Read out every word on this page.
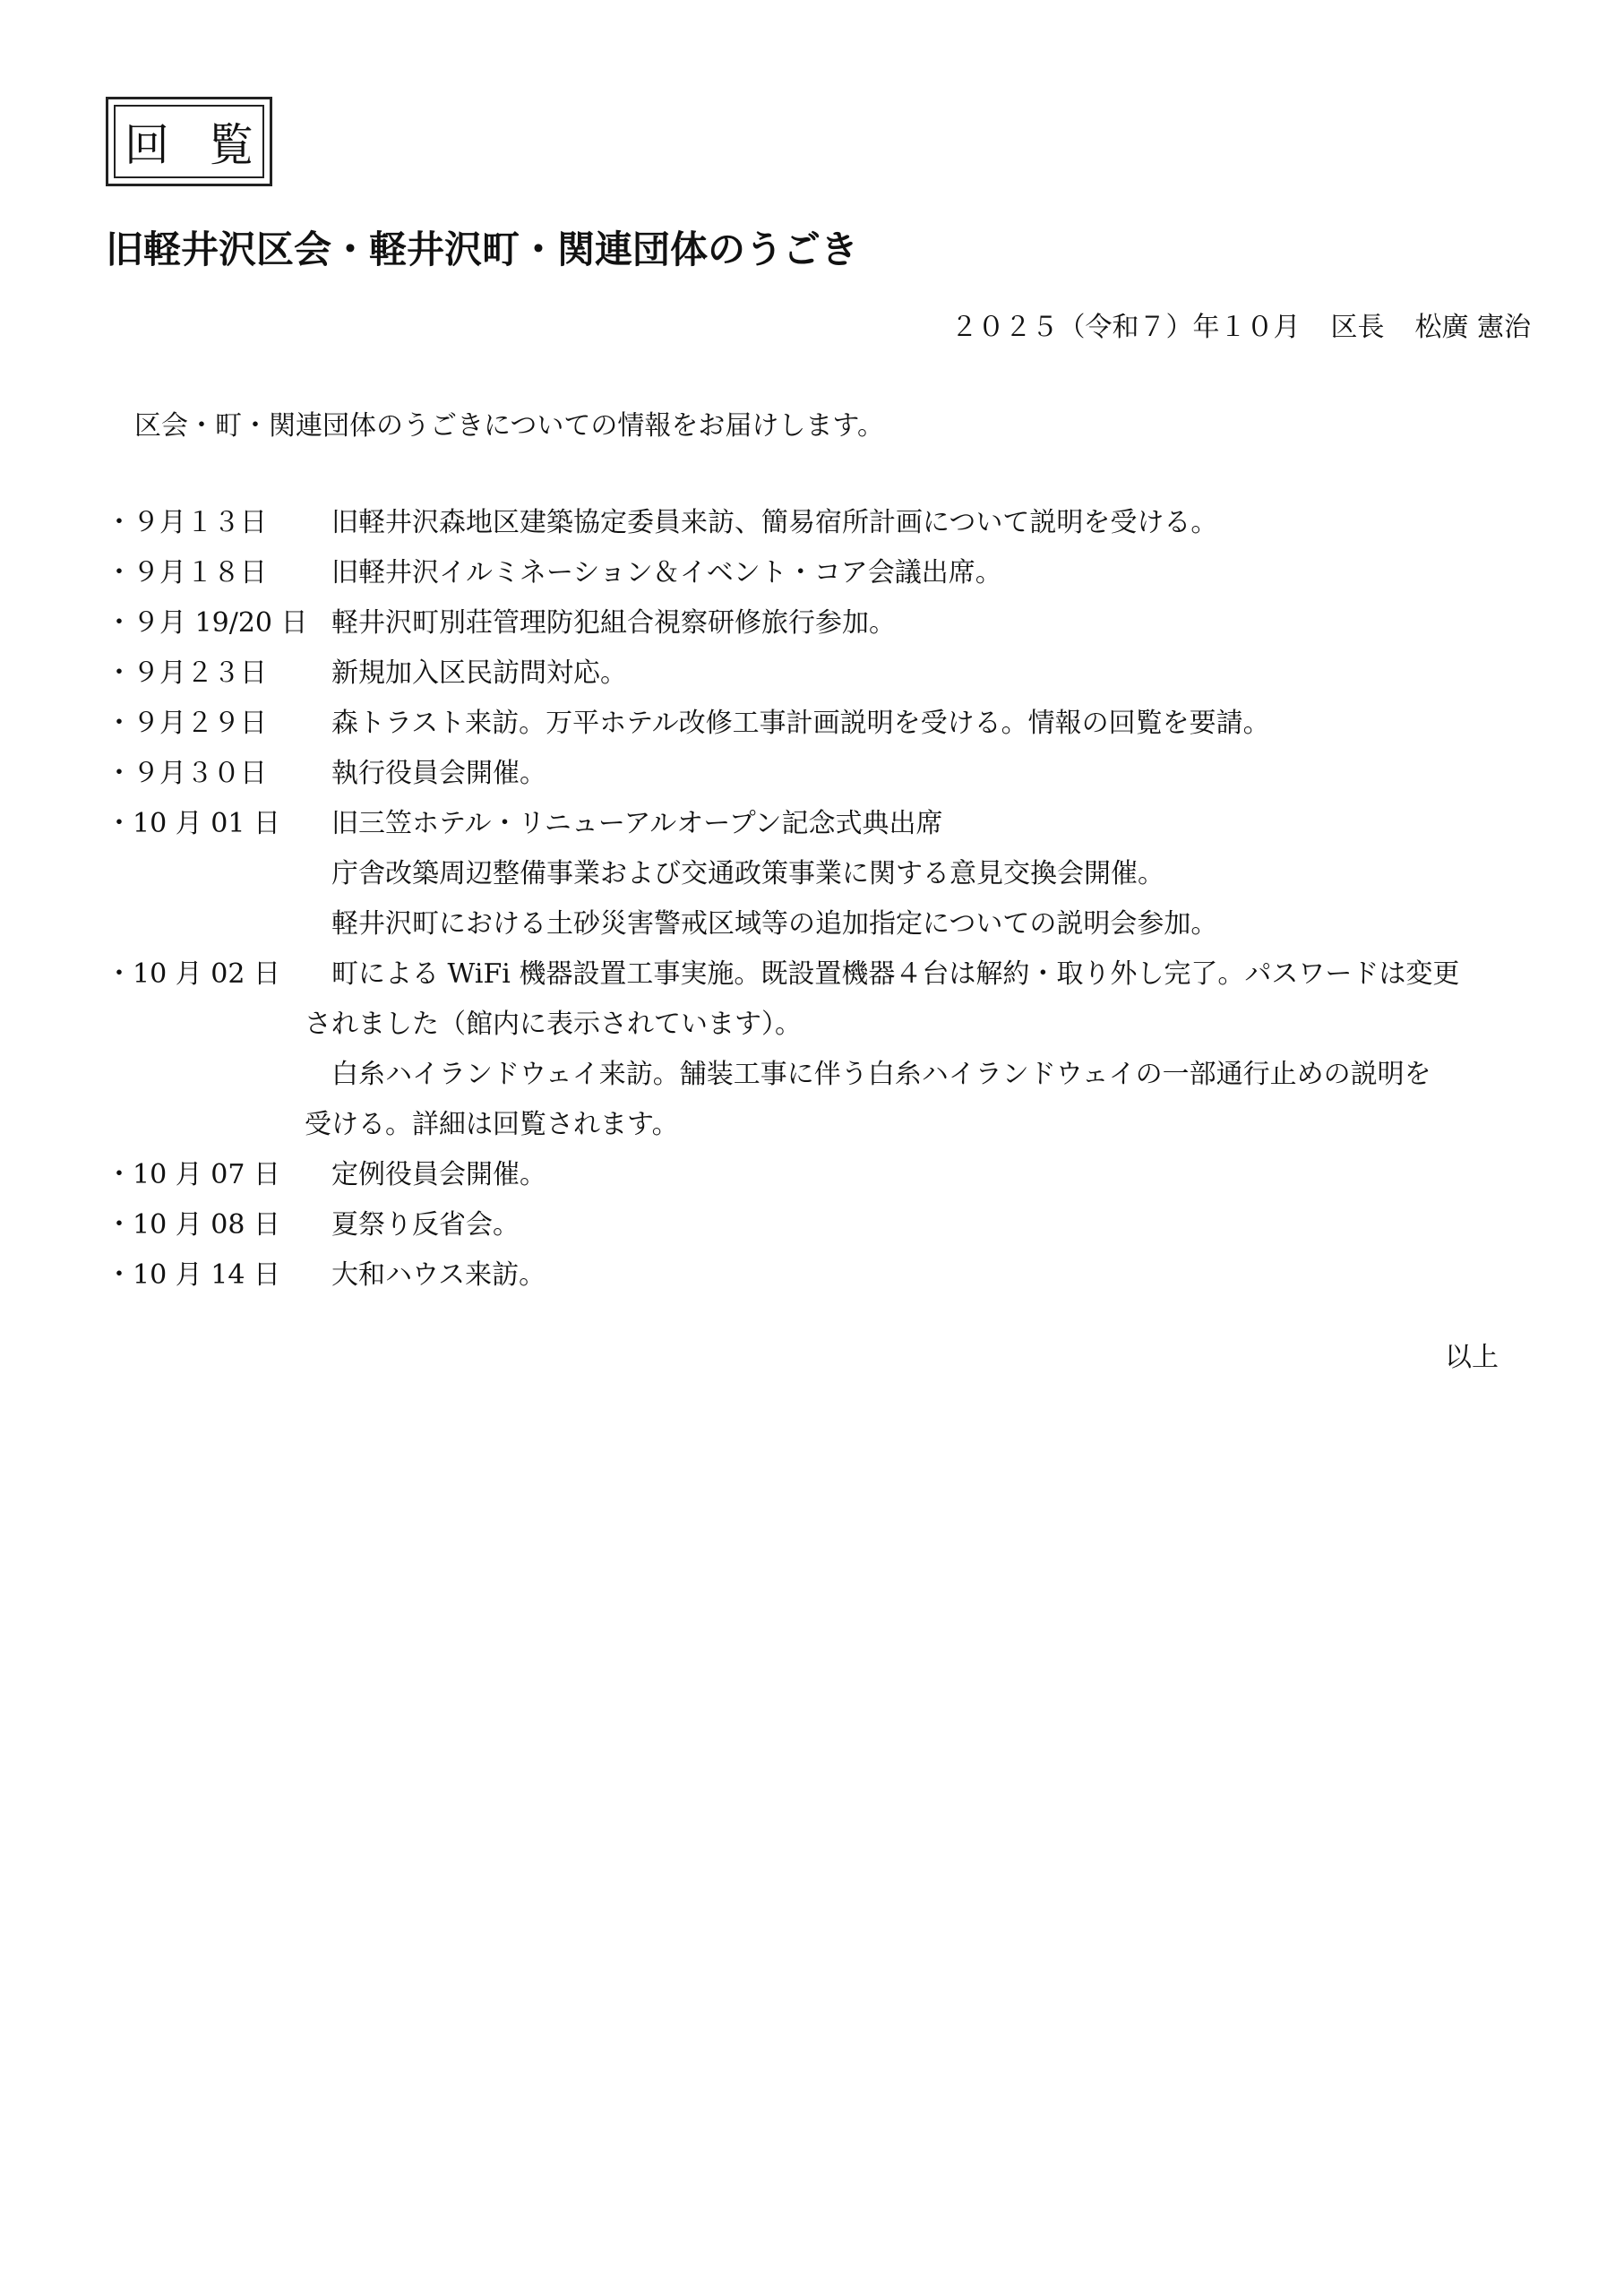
回 覧
旧軽井沢区会・軽井沢町・関連団体のうごき
２０２５（令和７）年１０月 区長 松廣 憲治
区会・町・関連団体のうごきについての情報をお届けします。
・９月１３日	旧軽井沢森地区建築協定委員来訪、簡易宿所計画について説明を受ける。
・９月１８日	旧軽井沢イルミネーション＆イベント・コア会議出席。
・９月 19/20 日 軽井沢町別荘管理防犯組合視察研修旅行参加。
・９月２３日	新規加入区民訪問対応。
・９月２９日	森トラスト来訪。万平ホテル改修工事計画説明を受ける。情報の回覧を要請。
・９月３０日	執行役員会開催。
・10 月 01 日	旧三笠ホテル・リニューアルオープン記念式典出席
庁舎改築周辺整備事業および交通政策事業に関する意見交換会開催。
軽井沢町における土砂災害警戒区域等の追加指定についての説明会参加。
・10 月 02 日	町による WiFi 機器設置工事実施。既設置機器４台は解約・取り外し完了。パスワードは変更
されました（館内に表示されています）。
白糸ハイランドウェイ来訪。舗装工事に伴う白糸ハイランドウェイの一部通行止めの説明を
受ける。詳細は回覧されます。
・10 月 07 日	定例役員会開催。
・10 月 08 日	夏祭り反省会。
・10 月 14 日	大和ハウス来訪。
以上
